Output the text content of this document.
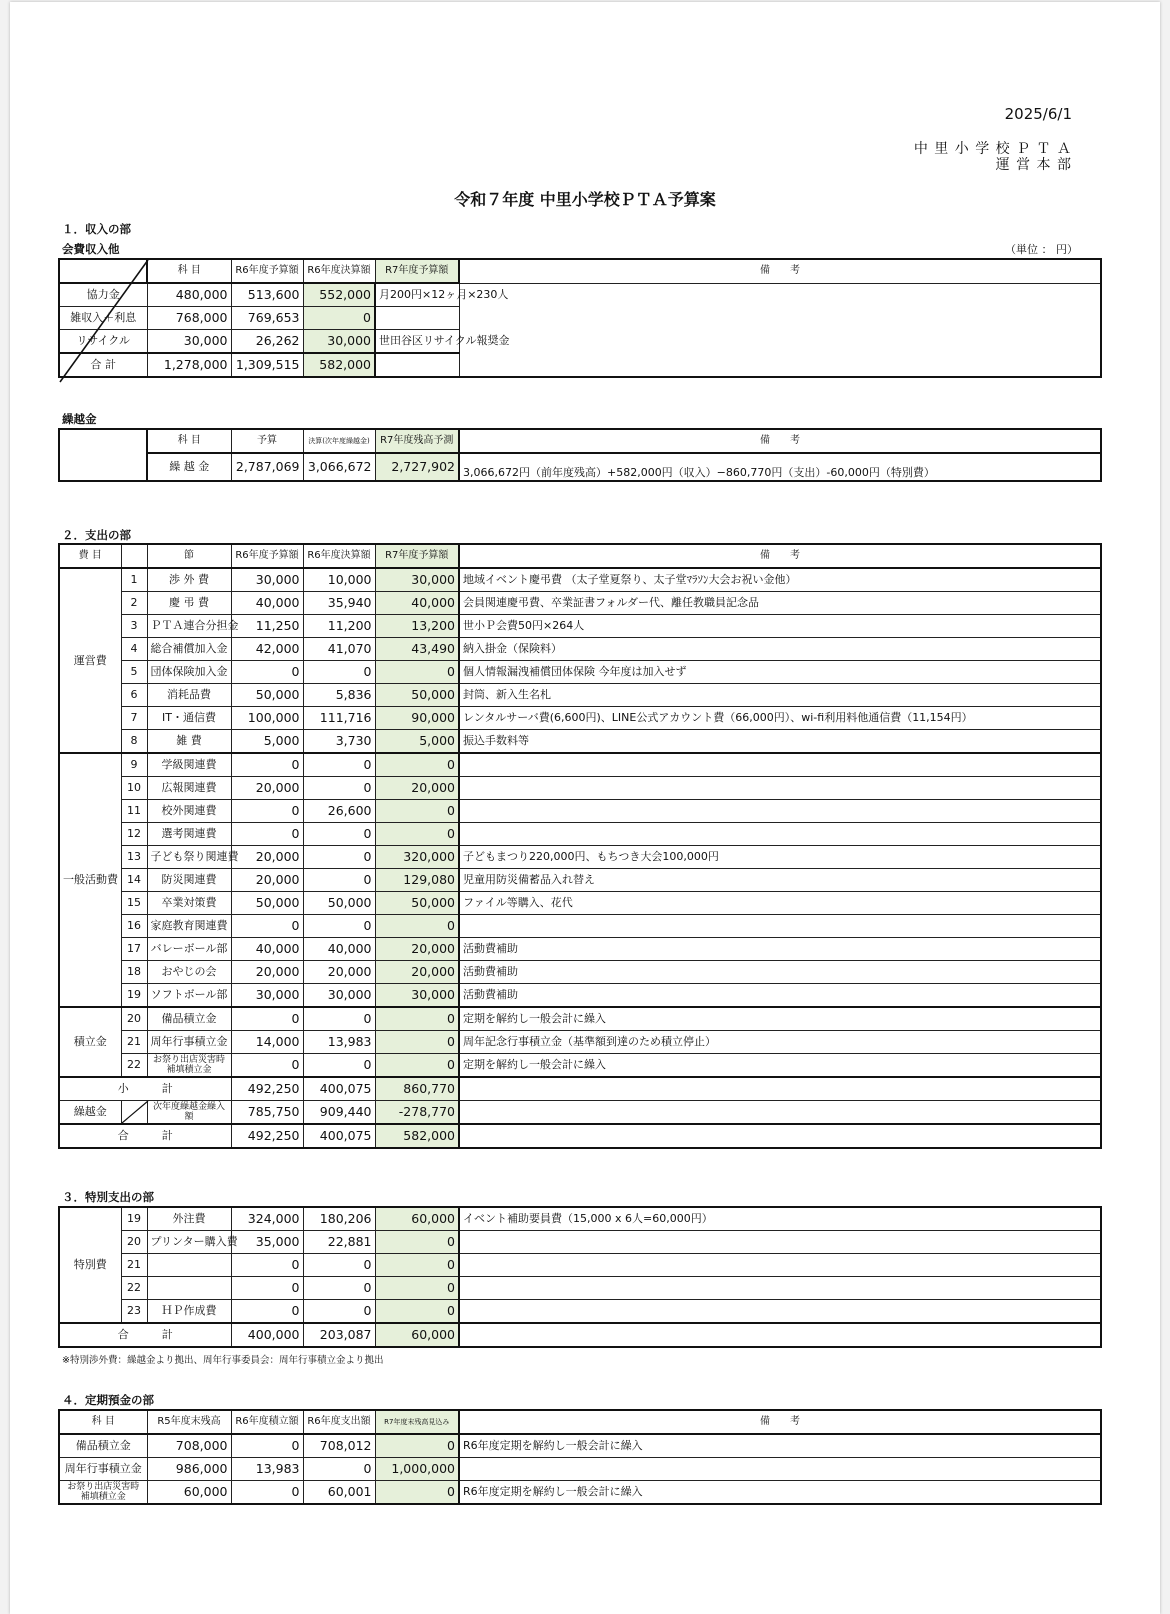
2025/6/1
中 里 小 学 校 Ｐ Ｔ Ａ
運 営 本 部
令和７年度 中里小学校ＰＴＡ予算案
１．収入の部
会費収入他	（単位 ： 円）
	科 目	R6年度予算額	R6年度決算額	R7年度予算額	備　　考
協力金	480,000	513,600	552,000	月200円×12ヶ月×230人	
雑収入＋利息	768,000	769,653	0		
リサイクル	30,000	26,262	30,000	世田谷区リサイクル報奨金	
合 計	1,278,000	1,309,515	582,000		
繰越金
	科 目	予算	決算(次年度繰越金)	R7年度残高予測	備　　考
	繰 越 金	2,787,069	3,066,672	2,727,902	3,066,672円（前年度残高）+582,000円（収入）−860,770円（支出）-60,000円（特別費）
２．支出の部
費 目		節	R6年度予算額	R6年度決算額	R7年度予算額	備　　考
運営費	1	渉 外 費	30,000	10,000	30,000	地域イベント慶弔費 （太子堂夏祭り、太子堂ﾏﾗｿﾝ大会お祝い金他）
	2	慶 弔 費	40,000	35,940	40,000	会員関連慶弔費、卒業証書フォルダー代、離任教職員記念品
	3	ＰＴＡ連合分担金	11,250	11,200	13,200	世小Ｐ会費50円×264人
	4	総合補償加入金	42,000	41,070	43,490	納入掛金（保険料）
	5	団体保険加入金	0	0	0	個人情報漏洩補償団体保険 今年度は加入せず
	6	消耗品費	50,000	5,836	50,000	封筒、新入生名札
	7	IT・通信費	100,000	111,716	90,000	レンタルサーバ費(6,600円)、LINE公式アカウント費（66,000円）、wi-fi利用料他通信費（11,154円）
	8	雑 費	5,000	3,730	5,000	振込手数料等
一般活動費	9	学級関連費	0	0	0	
	10	広報関連費	20,000	0	20,000	
	11	校外関連費	0	26,600	0	
	12	選考関連費	0	0	0	
	13	子ども祭り関連費	20,000	0	320,000	子どもまつり220,000円、もちつき大会100,000円
	14	防災関連費	20,000	0	129,080	児童用防災備蓄品入れ替え
	15	卒業対策費	50,000	50,000	50,000	ファイル等購入、花代
	16	家庭教育関連費	0	0	0	
	17	バレーボール部	40,000	40,000	20,000	活動費補助
	18	おやじの会	20,000	20,000	20,000	活動費補助
	19	ソフトボール部	30,000	30,000	30,000	活動費補助
積立金	20	備品積立金	0	0	0	定期を解約し一般会計に繰入
	21	周年行事積立金	14,000	13,983	0	周年記念行事積立金（基準額到達のため積立停止）
	22	お祭り出店災害時補填積立金	0	0	0	定期を解約し一般会計に繰入
小　　　計			492,250	400,075	860,770	
繰越金		次年度繰越金繰入額	785,750	909,440	-278,770	
合　　　計			492,250	400,075	582,000	
３．特別支出の部
特別費	19	外注費	324,000	180,206	60,000	イベント補助要員費（15,000 x 6人=60,000円）
	20	プリンター購入費	35,000	22,881	0	
	21		0	0	0	
	22		0	0	0	
	23	ＨＰ作成費	0	0	0	
合　　　計			400,000	203,087	60,000	
※特別渉外費：繰越金より拠出、周年行事委員会：周年行事積立金より拠出
４．定期預金の部
科 目	R5年度末残高	R6年度積立額	R6年度支出額	R7年度末残高見込み	備　　考
備品積立金	708,000	0	708,012	0	R6年度定期を解約し一般会計に繰入
周年行事積立金	986,000	13,983	0	1,000,000	
お祭り出店災害時補填積立金	60,000	0	60,001	0	R6年度定期を解約し一般会計に繰入
